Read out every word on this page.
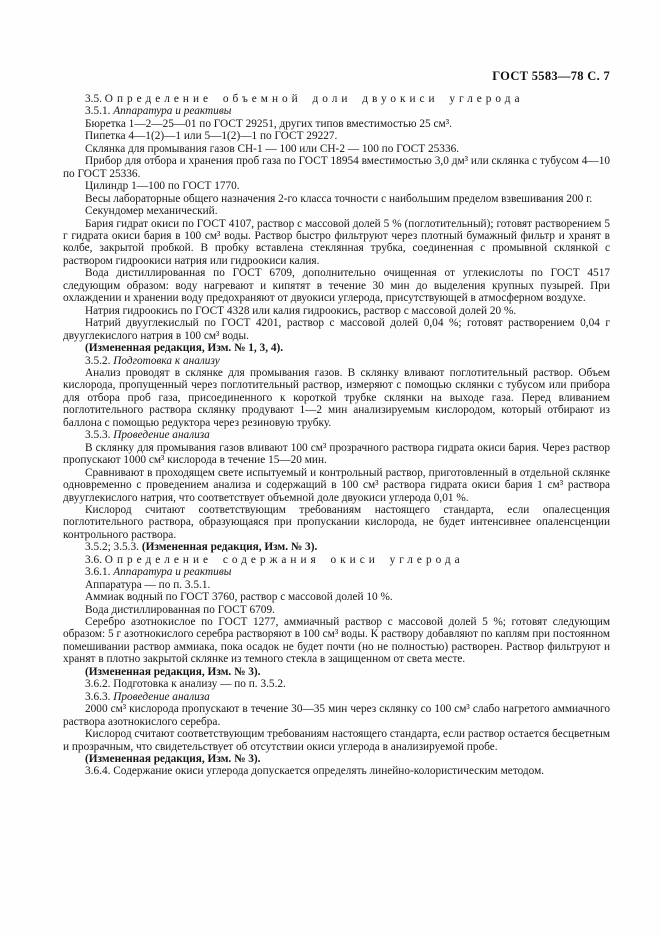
ГОСТ 5583—78 С. 7

3.5. Определение объемной доли двуокиси углерода

3.5.1. Аппаратура и реактивы

Бюретка 1—2—25—01 по ГОСТ 29251, других типов вместимостью 25 см³.

Пипетка 4—1(2)—1 или 5—1(2)—1 по ГОСТ 29227.

Склянка для промывания газов СН-1 — 100 или СН-2 — 100 по ГОСТ 25336.

Прибор для отбора и хранения проб газа по ГОСТ 18954 вместимостью 3,0 дм³ или склянка с тубусом 4—10 по ГОСТ 25336.

Цилиндр 1—100 по ГОСТ 1770.

Весы лабораторные общего назначения 2-го класса точности с наибольшим пределом взвешивания 200 г.

Секундомер механический.

Бария гидрат окиси по ГОСТ 4107, раствор с массовой долей 5 % (поглотительный); готовят растворением 5 г гидрата окиси бария в 100 см³ воды. Раствор быстро фильтруют через плотный бумажный фильтр и хранят в колбе, закрытой пробкой. В пробку вставлена стеклянная трубка, соединенная с промывной склянкой с раствором гидроокиси натрия или гидроокиси калия.

Вода дистиллированная по ГОСТ 6709, дополнительно очищенная от углекислоты по ГОСТ 4517 следующим образом: воду нагревают и кипятят в течение 30 мин до выделения крупных пузырей. При охлаждении и хранении воду предохраняют от двуокиси углерода, присутствующей в атмосферном воздухе.

Натрия гидроокись по ГОСТ 4328 или калия гидроокись, раствор с массовой долей 20 %.

Натрий двууглекислый по ГОСТ 4201, раствор с массовой долей 0,04 %; готовят растворением 0,04 г двууглекислого натрия в 100 см³ воды.

(Измененная редакция, Изм. № 1, 3, 4).

3.5.2. Подготовка к анализу

Анализ проводят в склянке для промывания газов. В склянку вливают поглотительный раствор. Объем кислорода, пропущенный через поглотительный раствор, измеряют с помощью склянки с тубусом или прибора для отбора проб газа, присоединенного к короткой трубке склянки на выходе газа. Перед вливанием поглотительного раствора склянку продувают 1—2 мин анализируемым кислородом, который отбирают из баллона с помощью редуктора через резиновую трубку.

3.5.3. Проведение анализа

В склянку для промывания газов вливают 100 см³ прозрачного раствора гидрата окиси бария. Через раствор пропускают 1000 см³ кислорода в течение 15—20 мин.

Сравнивают в проходящем свете испытуемый и контрольный раствор, приготовленный в отдельной склянке одновременно с проведением анализа и содержащий в 100 см³ раствора гидрата окиси бария 1 см³ раствора двууглекислого натрия, что соответствует объемной доле двуокиси углерода 0,01 %.

Кислород считают соответствующим требованиям настоящего стандарта, если опалесценция поглотительного раствора, образующаяся при пропускании кислорода, не будет интенсивнее опаленсценции контрольного раствора.

3.5.2; 3.5.3. (Измененная редакция, Изм. № 3).

3.6. Определение содержания окиси углерода

3.6.1. Аппаратура и реактивы

Аппаратура — по п. 3.5.1.

Аммиак водный по ГОСТ 3760, раствор с массовой долей 10 %.

Вода дистиллированная по ГОСТ 6709.

Серебро азотнокислое по ГОСТ 1277, аммиачный раствор с массовой долей 5 %; готовят следующим образом: 5 г азотнокислого серебра растворяют в 100 см³ воды. К раствору добавляют по каплям при постоянном помешивании раствор аммиака, пока осадок не будет почти (но не полностью) растворен. Раствор фильтруют и хранят в плотно закрытой склянке из темного стекла в защищенном от света месте.

(Измененная редакция, Изм. № 3).

3.6.2. Подготовка к анализу — по п. 3.5.2.

3.6.3. Проведение анализа

2000 см³ кислорода пропускают в течение 30—35 мин через склянку со 100 см³ слабо нагретого аммиачного раствора азотнокислого серебра.

Кислород считают соответствующим требованиям настоящего стандарта, если раствор остается бесцветным и прозрачным, что свидетельствует об отсутствии окиси углерода в анализируемой пробе.

(Измененная редакция, Изм. № 3).

3.6.4. Содержание окиси углерода допускается определять линейно-колористическим методом.
